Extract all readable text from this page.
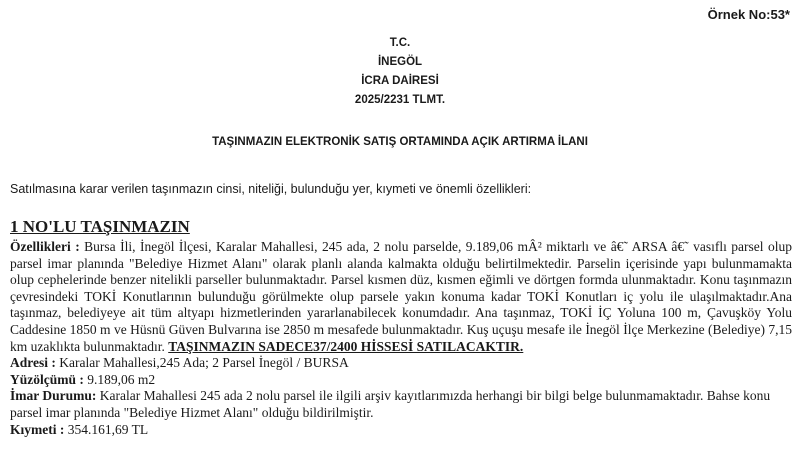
Örnek No:53*
T.C.
İNEGÖL
İCRA DAİRESİ
2025/2231 TLMT.
TAŞINMAZIN ELEKTRONİK SATIŞ ORTAMINDA AÇIK ARTIRMA İLANI
Satılmasına karar verilen taşınmazın cinsi, niteliği, bulunduğu yer, kıymeti ve önemli özellikleri:
1 NO'LU TAŞINMAZIN

Özellikleri : Bursa İli, İnegöl İlçesi, Karalar Mahallesi, 245 ada, 2 nolu parselde, 9.189,06 mÂ² miktarlı ve â€˜ ARSA â€˜ vasıflı parsel olup parsel imar planında "Belediye Hizmet Alanı" olarak planlı alanda kalmakta olduğu belirtilmektedir. Parselin içerisinde yapı bulunmamakta olup cephelerinde benzer nitelikli parseller bulunmaktadır. Parsel kısmen düz, kısmen eğimli ve dörtgen formda ulunmaktadır. Konu taşınmazın çevresindeki TOKİ Konutlarının bulunduğu görülmekte olup parsele yakın konuma kadar TOKİ Konutları iç yolu ile ulaşılmaktadır.Ana taşınmaz, belediyeye ait tüm altyapı hizmetlerinden yararlanabilecek konumdadır. Ana taşınmaz, TOKİ İÇ Yoluna 100 m, Çavuşköy Yolu Caddesine 1850 m ve Hüsnü Güven Bulvarına ise 2850 m mesafede bulunmaktadır. Kuş uçuşu mesafe ile İnegöl İlçe Merkezine (Belediye) 7,15 km uzaklıkta bulunmaktadır. TAŞINMAZIN SADECE37/2400 HİSSESİ SATILACAKTIR.

Adresi : Karalar Mahallesi,245 Ada; 2 Parsel İnegöl / BURSA

Yüzölçümü : 9.189,06 m2

İmar Durumu: Karalar Mahallesi 245 ada 2 nolu parsel ile ilgili arşiv kayıtlarımızda herhangi bir bilgi belge bulunmamaktadır. Bahse konu parsel imar planında "Belediye Hizmet Alanı" olduğu bildirilmiştir.

Kıymeti : 354.161,69 TL
